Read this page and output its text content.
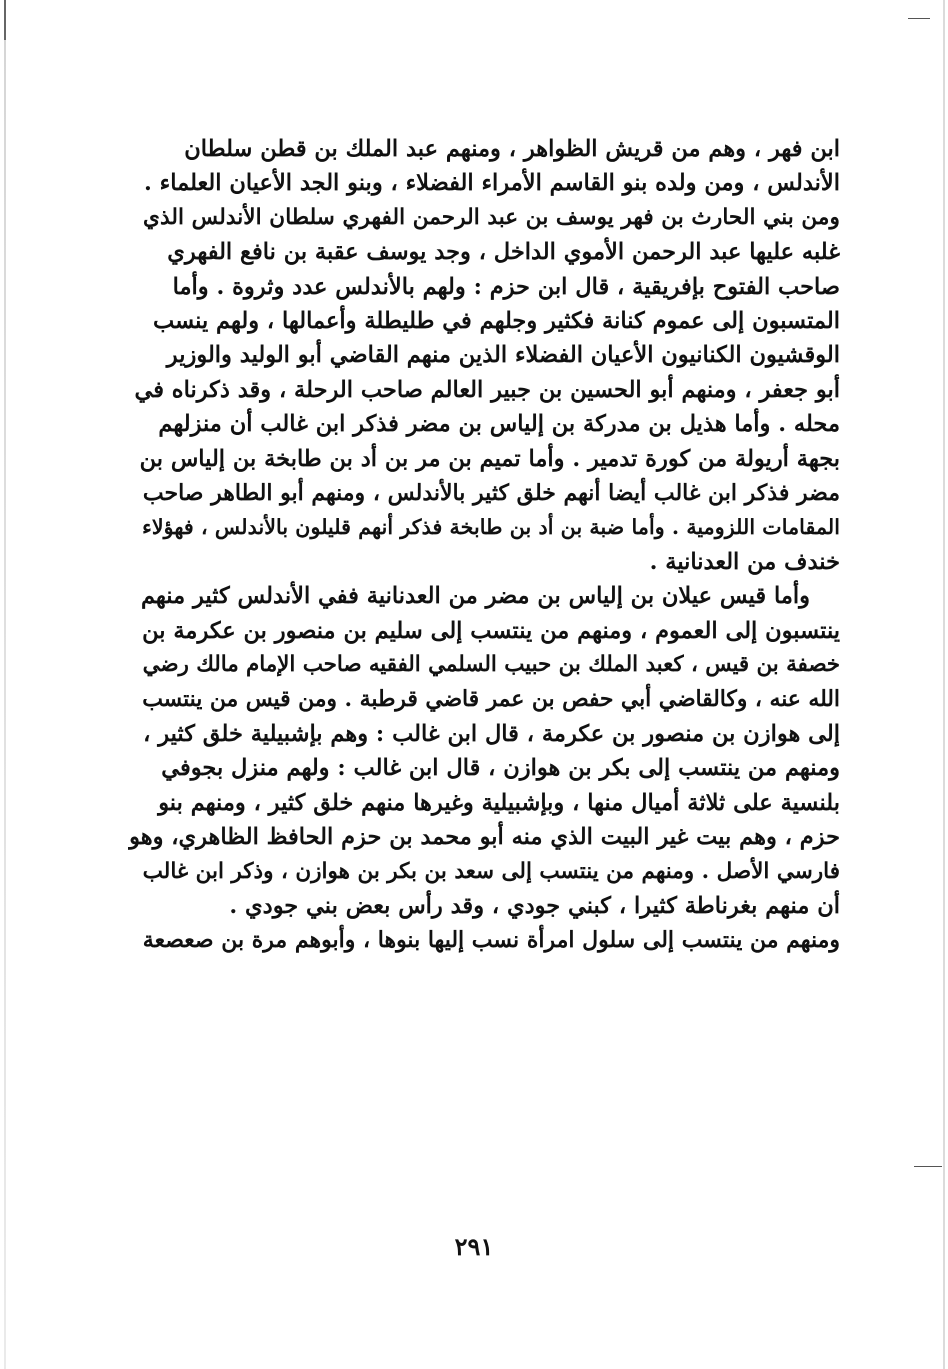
ابن فهر ، وهم من قريش الظواهر ، ومنهم عبد الملك بن قطن سلطان
الأندلس ، ومن ولده بنو القاسم الأمراء الفضلاء ، وبنو الجد الأعيان العلماء .
ومن بني الحارث بن فهر يوسف بن عبد الرحمن الفهري سلطان الأندلس الذي
غلبه عليها عبد الرحمن الأموي الداخل ، وجد يوسف عقبة بن نافع الفهري
صاحب الفتوح بإفريقية ، قال ابن حزم : ولهم بالأندلس عدد وثروة . وأما
المتسبون إلى عموم كنانة فكثير وجلهم في طليطلة وأعمالها ، ولهم ينسب
الوقشيون الكنانيون الأعيان الفضلاء الذين منهم القاضي أبو الوليد والوزير
أبو جعفر ، ومنهم أبو الحسين بن جبير العالم صاحب الرحلة ، وقد ذكرناه في
محله . وأما هذيل بن مدركة بن إلياس بن مضر فذكر ابن غالب أن منزلهم
بجهة أريولة من كورة تدمير . وأما تميم بن مر بن أد بن طابخة بن إلياس بن
مضر فذكر ابن غالب أيضا أنهم خلق كثير بالأندلس ، ومنهم أبو الطاهر صاحب
المقامات اللزومية . وأما ضبة بن أد بن طابخة فذكر أنهم قليلون بالأندلس ، فهؤلاء
خندف من العدنانية .

وأما قيس عيلان بن إلياس بن مضر من العدنانية ففي الأندلس كثير منهم
ينتسبون إلى العموم ، ومنهم من ينتسب إلى سليم بن منصور بن عكرمة بن
خصفة بن قيس ، كعبد الملك بن حبيب السلمي الفقيه صاحب الإمام مالك رضي
الله عنه ، وكالقاضي أبي حفص بن عمر قاضي قرطبة . ومن قيس من ينتسب
إلى هوازن بن منصور بن عكرمة ، قال ابن غالب : وهم بإشبيلية خلق كثير ،
ومنهم من ينتسب إلى بكر بن هوازن ، قال ابن غالب : ولهم منزل بجوفي
بلنسية على ثلاثة أميال منها ، وبإشبيلية وغيرها منهم خلق كثير ، ومنهم بنو
حزم ، وهم بيت غير البيت الذي منه أبو محمد بن حزم الحافظ الظاهري، وهو
فارسي الأصل . ومنهم من ينتسب إلى سعد بن بكر بن هوازن ، وذكر ابن غالب
أن منهم بغرناطة كثيرا ، كبني جودي ، وقد رأس بعض بني جودي .
ومنهم من ينتسب إلى سلول امرأة نسب إليها بنوها ، وأبوهم مرة بن صعصعة

٢٩١
